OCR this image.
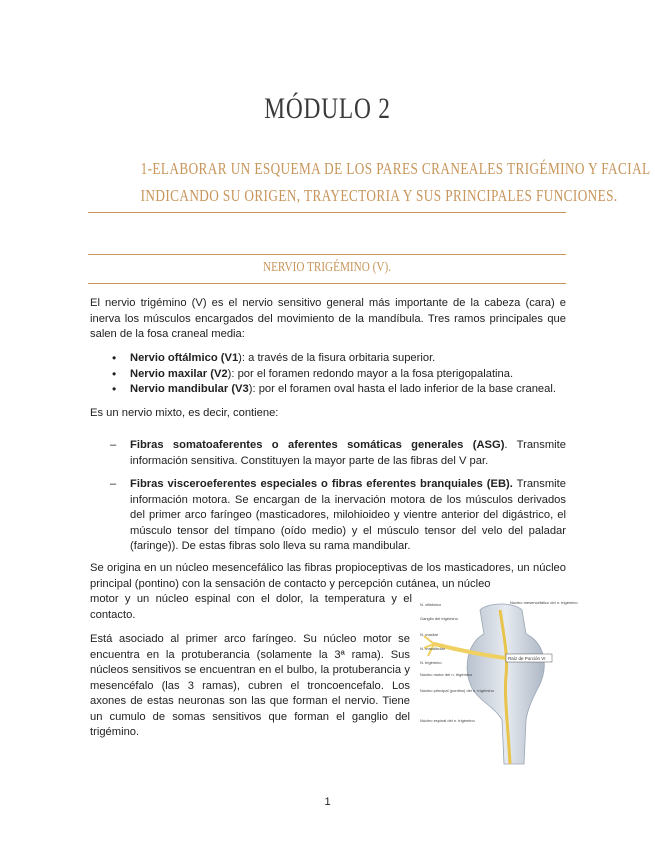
MÓDULO 2
1-ELABORAR UN ESQUEMA DE LOS PARES CRANEALES TRIGÉMINO Y FACIAL
INDICANDO SU ORIGEN, TRAYECTORIA Y SUS PRINCIPALES FUNCIONES.
NERVIO TRIGÉMINO (V).
El nervio trigémino (V) es el nervio sensitivo general más importante de la cabeza (cara) e inerva los músculos encargados del movimiento de la mandíbula. Tres ramos principales que salen de la fosa craneal media:
• Nervio oftálmico (V1): a través de la fisura orbitaria superior.
• Nervio maxilar (V2): por el foramen redondo mayor a la fosa pterigopalatina.
• Nervio mandibular (V3): por el foramen oval hasta el lado inferior de la base craneal.
Es un nervio mixto, es decir, contiene:
– Fibras somatoaferentes o aferentes somáticas generales (ASG). Transmite información sensitiva. Constituyen la mayor parte de las fibras del V par.
– Fibras visceroeferentes especiales o fibras eferentes branquiales (EB). Transmite información motora. Se encargan de la inervación motora de los músculos derivados del primer arco faríngeo (masticadores, milohioideo y vientre anterior del digástrico, el músculo tensor del tímpano (oído medio) y el músculo tensor del velo del paladar (faringe)). De estas fibras solo lleva su rama mandibular.
Se origina en un núcleo mesencefálico las fibras propioceptivas de los masticadores, un núcleo principal (pontino) con la sensación de contacto y percepción cutánea, un núcleo
motor y un núcleo espinal con el dolor, la temperatura y el contacto.
Está asociado al primer arco faríngeo. Su núcleo motor se encuentra en la protuberancia (solamente la 3ª rama). Sus núcleos sensitivos se encuentran en el bulbo, la protuberancia y mesencéfalo (las 3 ramas), cubren el troncoencefalo. Los axones de estas neuronas son las que forman el nervio. Tiene un cumulo de somas sensitivos que forman el ganglio del trigémino.
Raíz de Porción VI
Núcleo mesencefálico del n. trigémino
N. oftálmico
Ganglio del trigémino
N. maxilar
N. mandibular
N. trigémino
Núcleo motor del n. trigémino
Núcleo principal (pontino) del n. trigémino
Núcleo espinal del n. trigémino
1
